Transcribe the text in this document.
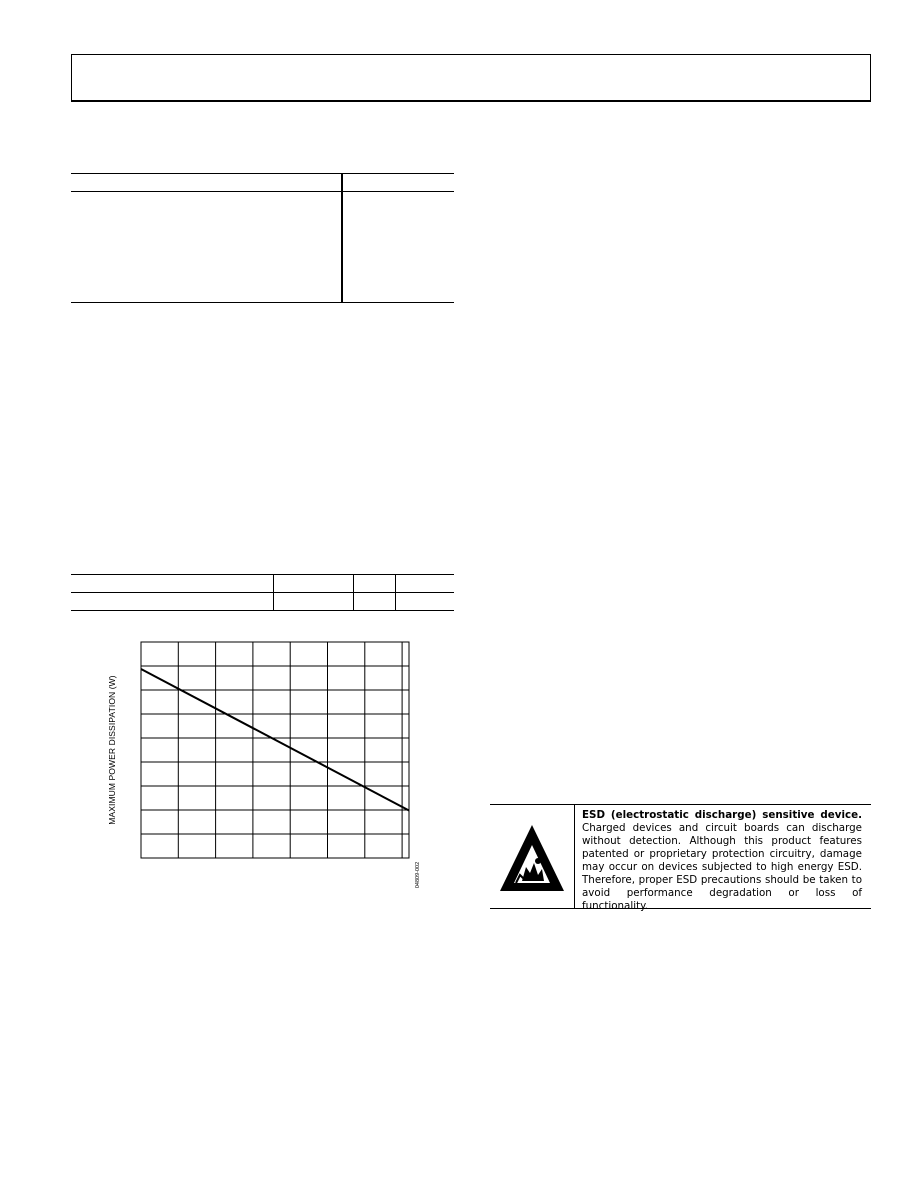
MAXIMUM POWER DISSIPATION (W)
04809-002
ESD (electrostatic discharge) sensitive device. Charged devices and circuit boards can discharge without detection. Although this product features patented or proprietary protection circuitry, damage may occur on devices subjected to high energy ESD. Therefore, proper ESD precautions should be taken to avoid performance degradation or loss of functionality.
